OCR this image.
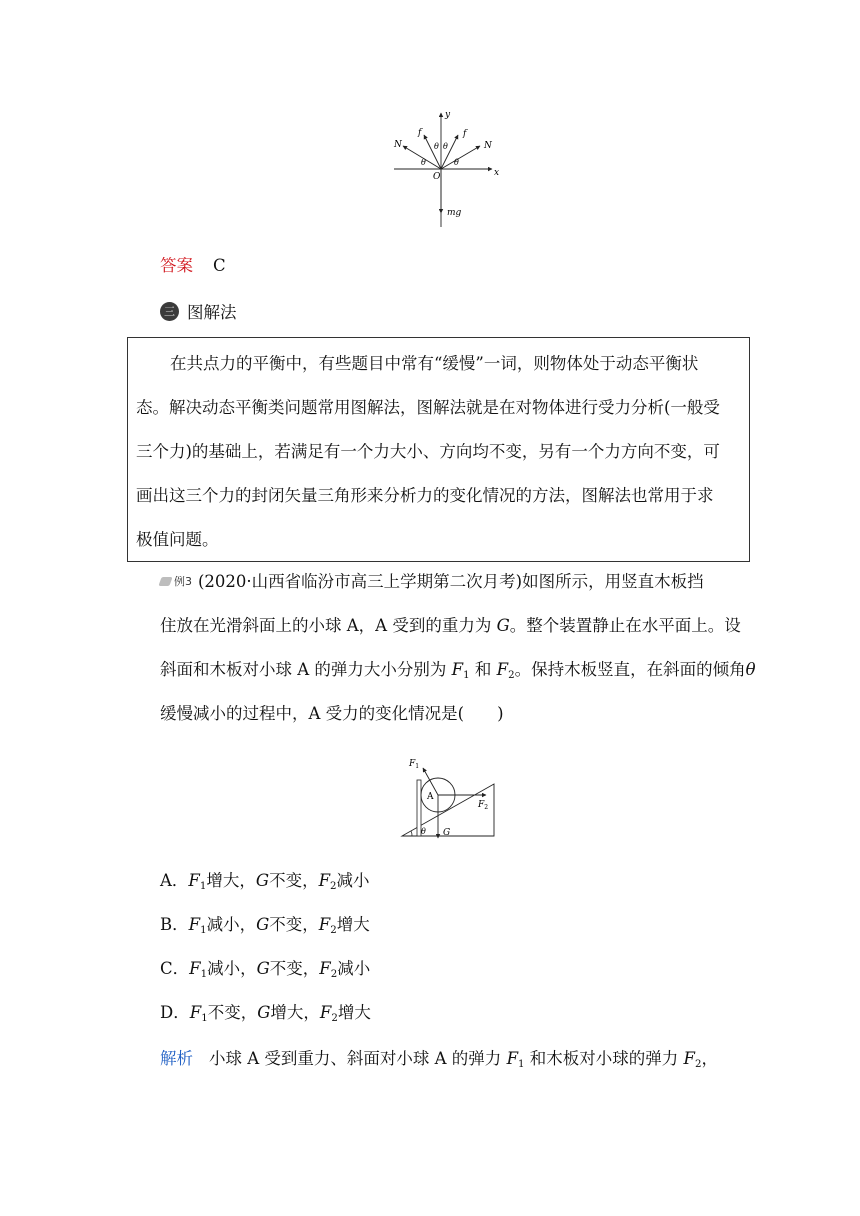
y
x
O
mg
N	N
f	f
θ θ
θ	θ
答案 C
三 图解法
在共点力的平衡中，有些题目中常有“缓慢”一词，则物体处于动态平衡状
态。解决动态平衡类问题常用图解法，图解法就是在对物体进行受力分析(一般受
三个力)的基础上，若满足有一个力大小、方向均不变，另有一个力方向不变，可
画出这三个力的封闭矢量三角形来分析力的变化情况的方法，图解法也常用于求
极值问题。
例3 (2020·山西省临汾市高三上学期第二次月考)如图所示，用竖直木板挡
住放在光滑斜面上的小球 A，A 受到的重力为 G。整个装置静止在水平面上。设
斜面和木板对小球 A 的弹力大小分别为 $F_1$ 和 $F_2$。保持木板竖直，在斜面的倾角θ
缓慢减小的过程中，A 受力的变化情况是(　　)
$F_1$
A
$F_2$
θ G
A．$F_1$增大，G不变，$F_2$减小
B．$F_1$减小，G不变，$F_2$增大
C．$F_1$减小，G不变，$F_2$减小
D．$F_1$不变，G增大，$F_2$增大
解析 小球 A 受到重力、斜面对小球 A 的弹力 $F_1$ 和木板对小球的弹力 $F_2$，
